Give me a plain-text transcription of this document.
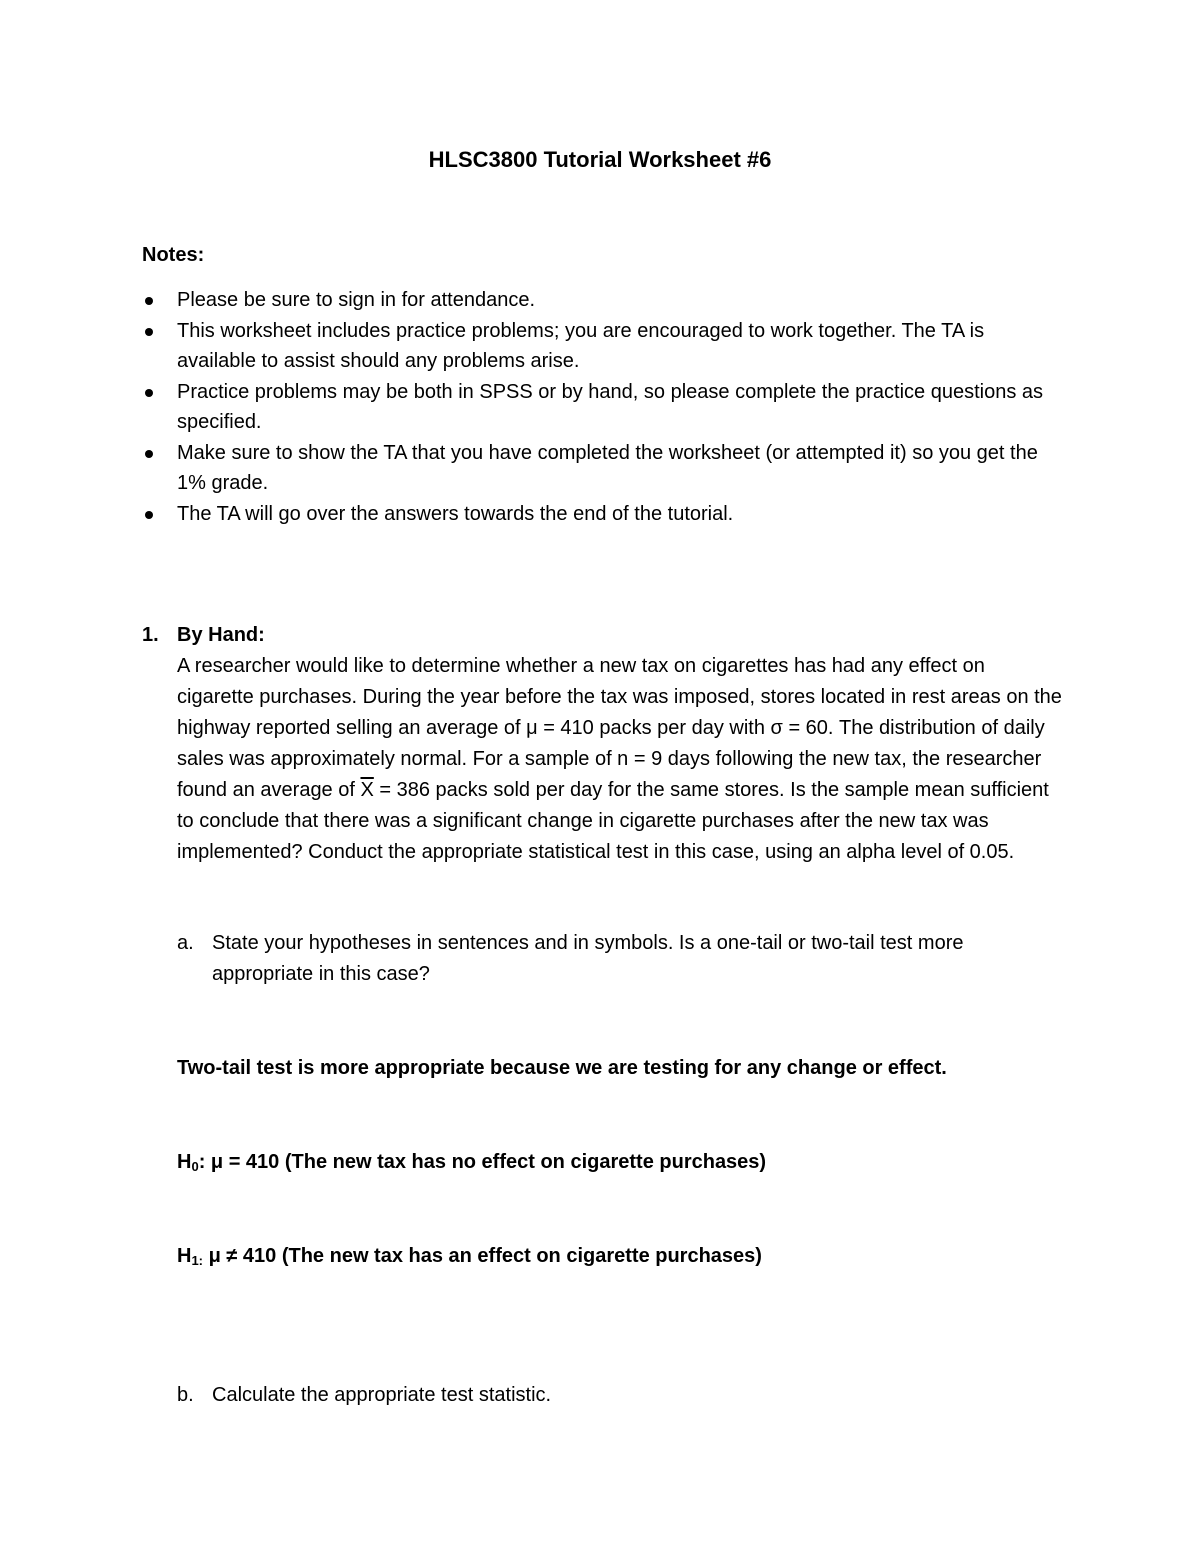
HLSC3800 Tutorial Worksheet #6
Notes:
Please be sure to sign in for attendance.
This worksheet includes practice problems; you are encouraged to work together. The TA is available to assist should any problems arise.
Practice problems may be both in SPSS or by hand, so please complete the practice questions as specified.
Make sure to show the TA that you have completed the worksheet (or attempted it) so you get the 1% grade.
The TA will go over the answers towards the end of the tutorial.
1. By Hand:
A researcher would like to determine whether a new tax on cigarettes has had any effect on cigarette purchases. During the year before the tax was imposed, stores located in rest areas on the highway reported selling an average of μ = 410 packs per day with σ = 60. The distribution of daily sales was approximately normal. For a sample of n = 9 days following the new tax, the researcher found an average of $\overline{X} = 386$ packs sold per day for the same stores. Is the sample mean sufficient to conclude that there was a significant change in cigarette purchases after the new tax was implemented? Conduct the appropriate statistical test in this case, using an alpha level of 0.05.
a. State your hypotheses in sentences and in symbols. Is a one-tail or two-tail test more appropriate in this case?
Two-tail test is more appropriate because we are testing for any change or effect.
$H_0$: μ = 410 (The new tax has no effect on cigarette purchases)
$H_{1:}$ μ ≠ 410 (The new tax has an effect on cigarette purchases)
b. Calculate the appropriate test statistic.
